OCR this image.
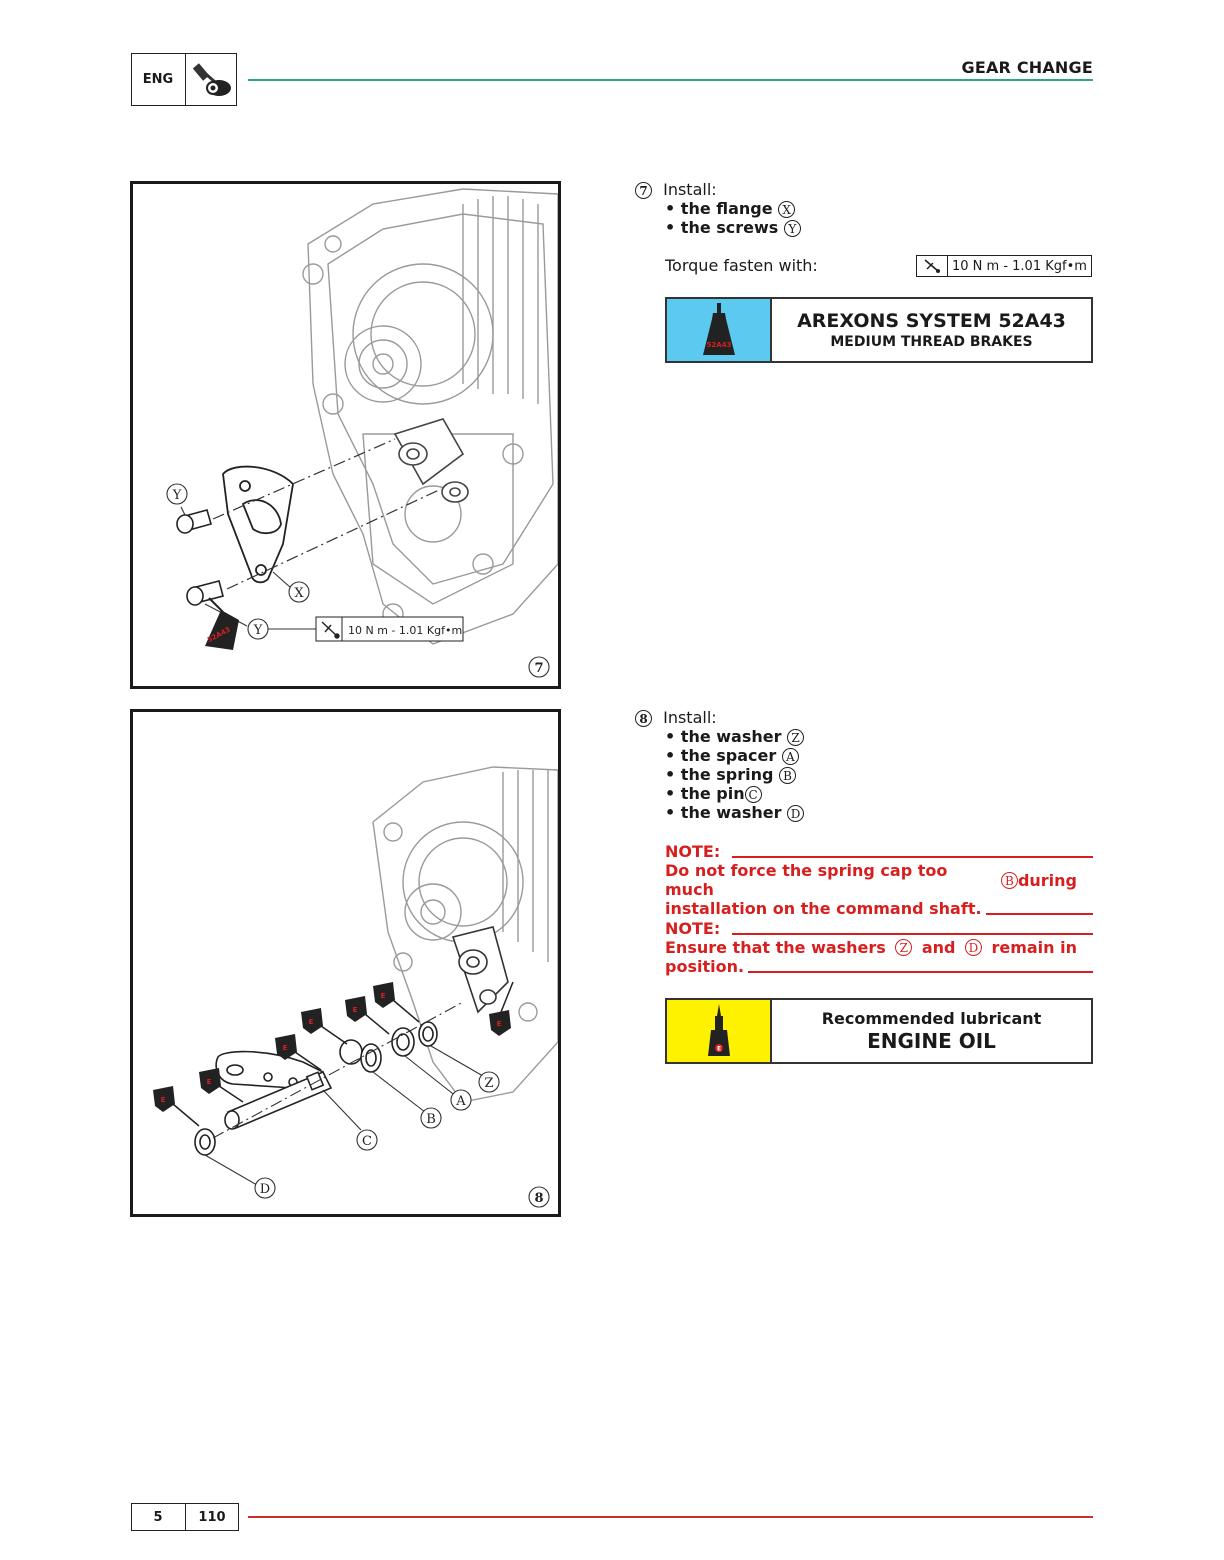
ENG
GEAR CHANGE
52A43
Y
X
Y
7
10 N m - 1.01 Kgf•m
E
E
E
E
E
E
E
Z
A
B
C
D
8
7 Install:
• the flange X
• the screws Y
Torque fasten with:	10 N m - 1.01 Kgf•m
52A43
AREXONS SYSTEM 52A43
MEDIUM THREAD BRAKES
8 Install:
• the washer Z
• the spacer A
• the spring B
• the pin C
• the washer D
NOTE:
Do not force the spring cap too much	B during
installation on the command shaft.
NOTE:
Ensure that the washers	Z and	D remain in
position.
E
Recommended lubricant
ENGINE OIL
5	110
